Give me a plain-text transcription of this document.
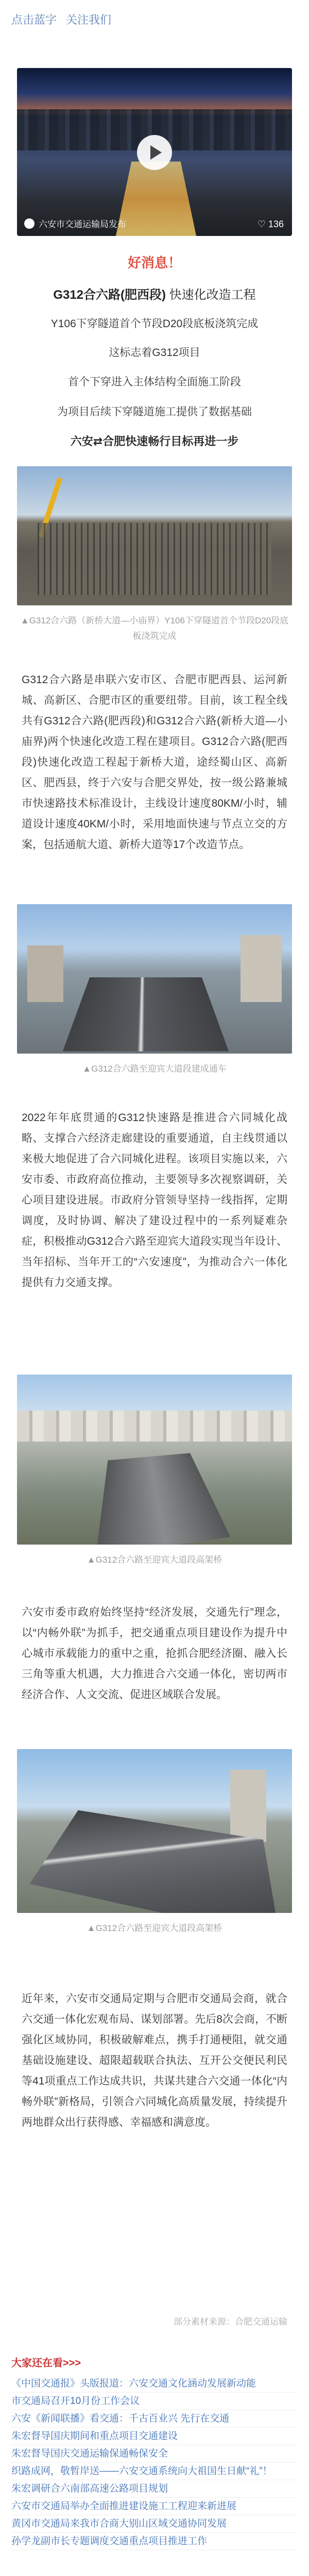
点击蓝字 关注我们
六安市交通运输局发布	♡ 136
好消息！
G312合六路(肥西段) 快速化改造工程
Y106下穿隧道首个节段D20段底板浇筑完成
这标志着G312项目
首个下穿进入主体结构全面施工阶段
为项目后续下穿隧道施工提供了数据基础
六安⇄合肥快速畅行目标再进一步
▲G312合六路（新桥大道—小庙界）Y106下穿隧道首个节段D20段底板浇筑完成
G312合六路是串联六安市区、合肥市肥西县、运河新城、高新区、合肥市区的重要纽带。目前，该工程全线共有G312合六路(肥西段)和G312合六路(新桥大道—小庙界)两个快速化改造工程在建项目。G312合六路(肥西段)快速化改造工程起于新桥大道，途经蜀山区、高新区、肥西县，终于六安与合肥交界处，按一级公路兼城市快速路技术标准设计，主线设计速度80KM/小时，辅道设计速度40KM/小时，采用地面快速与节点立交的方案，包括通航大道、新桥大道等17个改造节点。
▲G312合六路至迎宾大道段建成通车
2022年年底贯通的G312快速路是推进合六同城化战略、支撑合六经济走廊建设的重要通道，自主线贯通以来极大地促进了合六同城化进程。该项目实施以来，六安市委、市政府高位推动，主要领导多次视察调研，关心项目建设进展。市政府分管领导坚持一线指挥，定期调度，及时协调、解决了建设过程中的一系列疑难杂症，积极推动G312合六路至迎宾大道段实现当年设计、当年招标、当年开工的“六安速度”，为推动合六一体化提供有力交通支撑。
▲G312合六路至迎宾大道段高架桥
六安市委市政府始终坚持“经济发展，交通先行”理念，以“内畅外联”为抓手，把交通重点项目建设作为提升中心城市承载能力的重中之重，抢抓合肥经济圈、融入长三角等重大机遇，大力推进合六交通一体化，密切两市经济合作、人文交流、促进区域联合发展。
▲G312合六路至迎宾大道段高架桥
近年来，六安市交通局定期与合肥市交通局会商，就合六交通一体化宏观布局、谋划部署。先后8次会商，不断强化区域协同，积极破解难点，携手打通梗阻，就交通基础设施建设、超限超载联合执法、互开公交便民利民等41项重点工作达成共识，共谋共建合六交通一体化“内畅外联”新格局，引领合六同城化高质量发展，持续提升两地群众出行获得感、幸福感和满意度。
部分素材来源：合肥交通运输
大家还在看>>>
《中国交通报》头版报道：六安交通文化涵动发展新动能
市交通局召开10月份工作会议
六安《新闻联播》看交通：千古百业兴 先行在交通
朱宏督导国庆期间和重点项目交通建设
朱宏督导国庆交通运输保通畅保安全
织路成网，敬暂岸送——六安交通系统向大祖国生日献“礼”！
朱宏调研合六南部高速公路项目规划
六安市交通局举办全面推进建设施工工程迎来新进展
黄冈市交通局来我市合商大别山区域交通协同发展
孙学龙副市长专题调度交通重点项目推进工作
